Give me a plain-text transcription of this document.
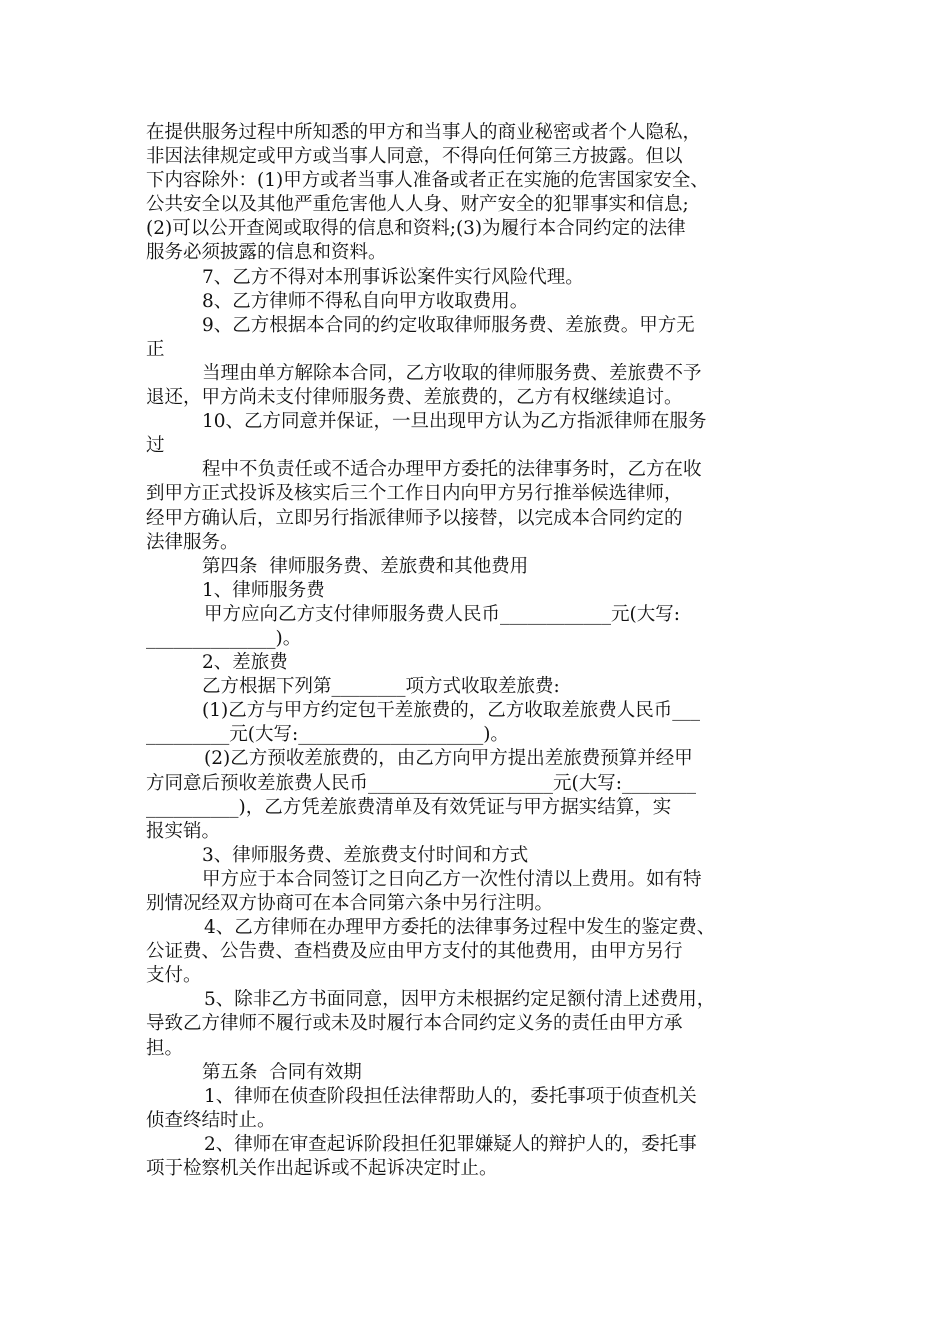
在提供服务过程中所知悉的甲方和当事人的商业秘密或者个人隐私，
非因法律规定或甲方或当事人同意，不得向任何第三方披露。但以
下内容除外：(1)甲方或者当事人准备或者正在实施的危害国家安全、
公共安全以及其他严重危害他人人身、财产安全的犯罪事实和信息;
(2)可以公开查阅或取得的信息和资料;(3)为履行本合同约定的法律
服务必须披露的信息和资料。
7、乙方不得对本刑事诉讼案件实行风险代理。
8、乙方律师不得私自向甲方收取费用。
9、乙方根据本合同的约定收取律师服务费、差旅费。甲方无
正
当理由单方解除本合同，乙方收取的律师服务费、差旅费不予
退还，甲方尚未支付律师服务费、差旅费的，乙方有权继续追讨。
10、乙方同意并保证，一旦出现甲方认为乙方指派律师在服务
过
程中不负责任或不适合办理甲方委托的法律事务时，乙方在收
到甲方正式投诉及核实后三个工作日内向甲方另行推举候选律师，
经甲方确认后，立即另行指派律师予以接替，以完成本合同约定的
法律服务。
第四条  律师服务费、差旅费和其他费用
1、律师服务费
甲方应向乙方支付律师服务费人民币____________元(大写:
______________)。
2、差旅费
乙方根据下列第________项方式收取差旅费:
(1)乙方与甲方约定包干差旅费的，乙方收取差旅费人民币___
_________元(大写:____________________)。
(2)乙方预收差旅费的，由乙方向甲方提出差旅费预算并经甲
方同意后预收差旅费人民币____________________元(大写:________
__________)，乙方凭差旅费清单及有效凭证与甲方据实结算，实
报实销。
3、律师服务费、差旅费支付时间和方式
甲方应于本合同签订之日向乙方一次性付清以上费用。如有特
别情况经双方协商可在本合同第六条中另行注明。
4、乙方律师在办理甲方委托的法律事务过程中发生的鉴定费、
公证费、公告费、查档费及应由甲方支付的其他费用，由甲方另行
支付。
5、除非乙方书面同意，因甲方未根据约定足额付清上述费用，
导致乙方律师不履行或未及时履行本合同约定义务的责任由甲方承
担。
第五条  合同有效期
1、律师在侦查阶段担任法律帮助人的，委托事项于侦查机关
侦查终结时止。
2、律师在审查起诉阶段担任犯罪嫌疑人的辩护人的，委托事
项于检察机关作出起诉或不起诉决定时止。
